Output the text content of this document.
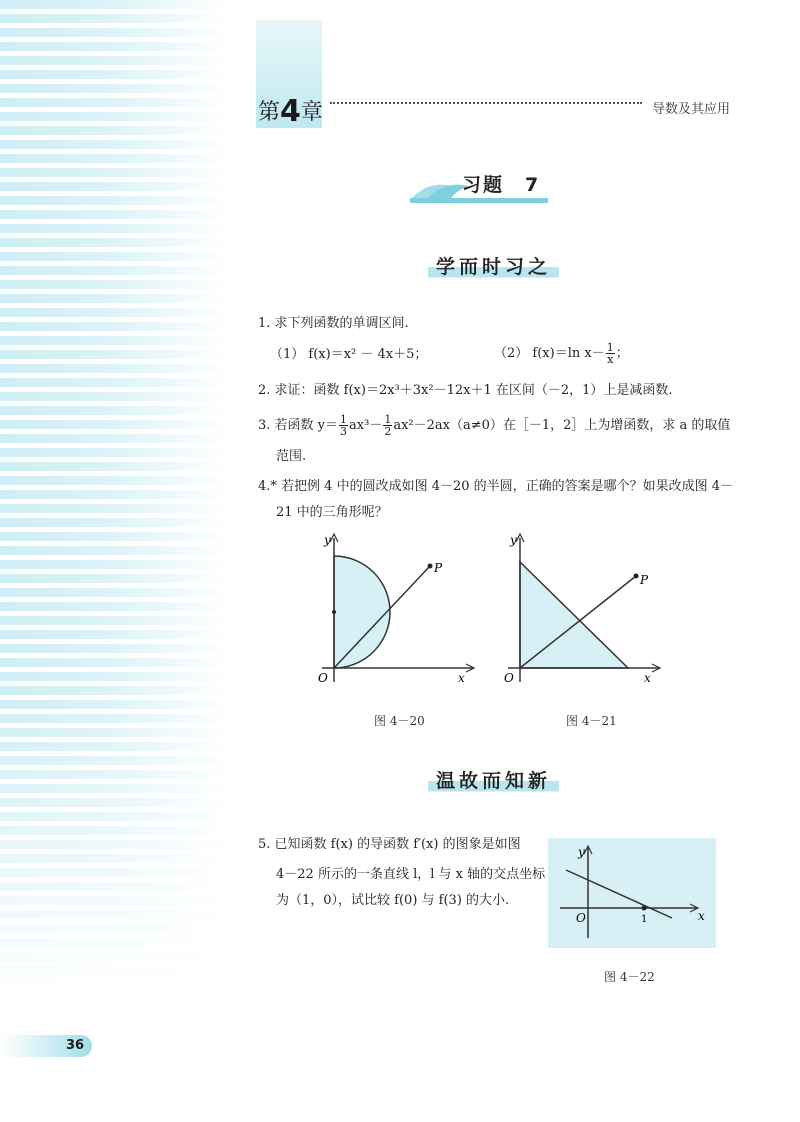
第4章	导数及其应用
习题　7
学而时习之
1. 求下列函数的单调区间.
（1） f(x)＝x² － 4x＋5；	（2） f(x)＝ln $x- \frac{1}{x}$ ；
2. 求证：函数 f(x)＝2x³＋3x²－12x＋1 在区间（－2，1）上是减函数.
3. 若函数 $y= \frac{1}{3} ax^3- \frac{1}{2} ax^2-2ax(a\ne 0)$在［－1，2］上为增函数，求 a 的取值
范围.
4.* 若把例 4 中的圆改成如图 4－20 的半圆，正确的答案是哪个？如果改成图 4－
21 中的三角形呢？
P
y
x
O
图 4－20
P
y
x
O
图 4－21
温故而知新
5. 已知函数 f(x) 的导函数 f′(x) 的图象是如图
4－22 所示的一条直线 l，l 与 x 轴的交点坐标
为（1，0），试比较 f(0) 与 f(3) 的大小.
y
x
O	1
图 4－22
36
